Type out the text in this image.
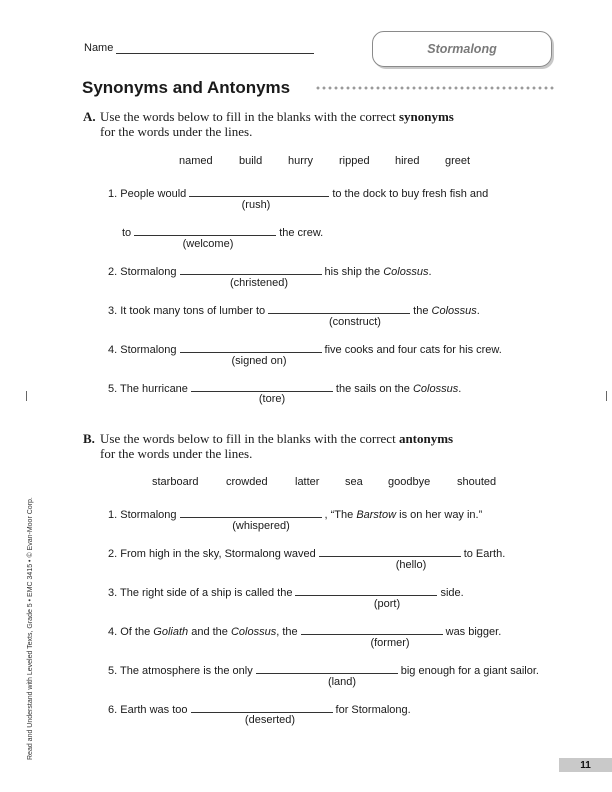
Name	Stormalong
Synonyms and Antonyms
A. Use the words below to fill in the blanks with the correct synonyms
for the words under the lines.
named build hurry ripped hired greet
1. People would	to the dock to buy fresh fish and
(rush)
to	the crew.
(welcome)
2. Stormalong	his ship the Colossus.
(christened)
3. It took many tons of lumber to	the Colossus.
(construct)
4. Stormalong	five cooks and four cats for his crew.
(signed on)
5. The hurricane	the sails on the Colossus.
(tore)
B. Use the words below to fill in the blanks with the correct antonyms
for the words under the lines.
starboard	crowded latter sea goodbye shouted
1. Stormalong	, “The Barstow is on her way in.”
(whispered)
2. From high in the sky, Stormalong waved	to Earth.
(hello)
3. The right side of a ship is called the	side.
(port)
4. Of the Goliath and the Colossus, the	was bigger.
(former)
5. The atmosphere is the only	big enough for a giant sailor.
(land)
6. Earth was too	for Stormalong.
(deserted)
Read and Understand with Leveled Texts, Grade 5 • EMC 3415 • © Evan-Moor Corp.
11
